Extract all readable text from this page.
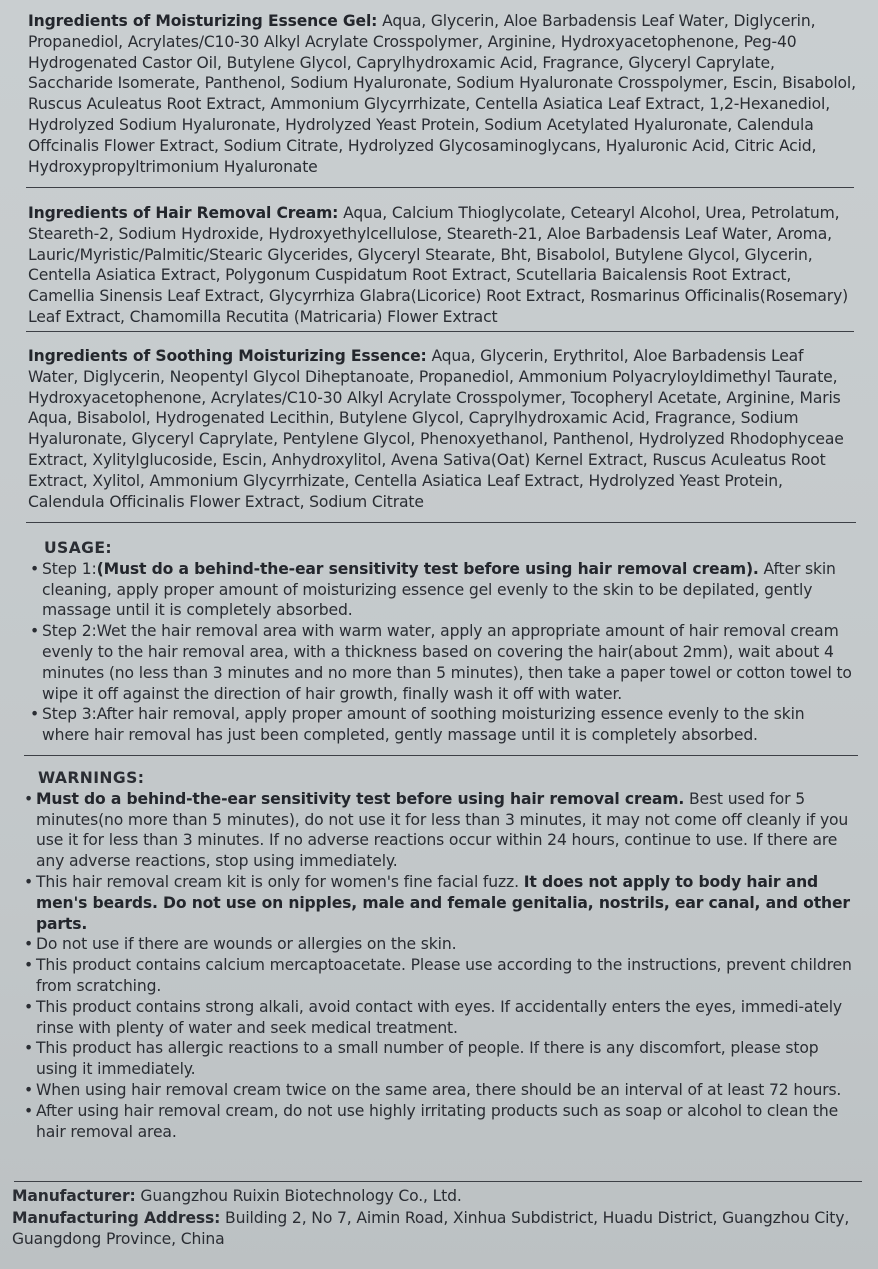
Ingredients of Moisturizing Essence Gel: Aqua, Glycerin, Aloe Barbadensis Leaf Water, Diglycerin, Propanediol, Acrylates/C10-30 Alkyl Acrylate Crosspolymer, Arginine, Hydroxyacetophenone, Peg-40 Hydrogenated Castor Oil, Butylene Glycol, Caprylhydroxamic Acid, Fragrance, Glyceryl Caprylate, Saccharide Isomerate, Panthenol, Sodium Hyaluronate, Sodium Hyaluronate Crosspolymer, Escin, Bisabolol, Ruscus Aculeatus Root Extract, Ammonium Glycyrrhizate, Centella Asiatica Leaf Extract, 1,2-Hexanediol, Hydrolyzed Sodium Hyaluronate, Hydrolyzed Yeast Protein, Sodium Acetylated Hyaluronate, Calendula Offcinalis Flower Extract, Sodium Citrate, Hydrolyzed Glycosaminoglycans, Hyaluronic Acid, Citric Acid, Hydroxypropyltrimonium Hyaluronate
Ingredients of Hair Removal Cream: Aqua, Calcium Thioglycolate, Cetearyl Alcohol, Urea, Petrolatum, Steareth-2, Sodium Hydroxide, Hydroxyethylcellulose, Steareth-21, Aloe Barbadensis Leaf Water, Aroma, Lauric/Myristic/Palmitic/Stearic Glycerides, Glyceryl Stearate, Bht, Bisabolol, Butylene Glycol, Glycerin, Centella Asiatica Extract, Polygonum Cuspidatum Root Extract, Scutellaria Baicalensis Root Extract, Camellia Sinensis Leaf Extract, Glycyrrhiza Glabra(Licorice) Root Extract, Rosmarinus Officinalis(Rosemary) Leaf Extract, Chamomilla Recutita (Matricaria) Flower Extract
Ingredients of Soothing Moisturizing Essence: Aqua, Glycerin, Erythritol, Aloe Barbadensis Leaf Water, Diglycerin, Neopentyl Glycol Diheptanoate, Propanediol, Ammonium Polyacryloyldimethyl Taurate, Hydroxyacetophenone, Acrylates/C10-30 Alkyl Acrylate Crosspolymer, Tocopheryl Acetate, Arginine, Maris Aqua, Bisabolol, Hydrogenated Lecithin, Butylene Glycol, Caprylhydroxamic Acid, Fragrance, Sodium Hyaluronate, Glyceryl Caprylate, Pentylene Glycol, Phenoxyethanol, Panthenol, Hydrolyzed Rhodophyceae Extract, Xylitylglucoside, Escin, Anhydroxylitol, Avena Sativa(Oat) Kernel Extract, Ruscus Aculeatus Root Extract, Xylitol, Ammonium Glycyrrhizate, Centella Asiatica Leaf Extract, Hydrolyzed Yeast Protein, Calendula Officinalis Flower Extract, Sodium Citrate
USAGE:
• Step 1:(Must do a behind-the-ear sensitivity test before using hair removal cream). After skin cleaning, apply proper amount of moisturizing essence gel evenly to the skin to be depilated, gently massage until it is completely absorbed.
• Step 2:Wet the hair removal area with warm water, apply an appropriate amount of hair removal cream evenly to the hair removal area, with a thickness based on covering the hair(about 2mm), wait about 4 minutes (no less than 3 minutes and no more than 5 minutes), then take a paper towel or cotton towel to wipe it off against the direction of hair growth, finally wash it off with water.
• Step 3:After hair removal, apply proper amount of soothing moisturizing essence evenly to the skin where hair removal has just been completed, gently massage until it is completely absorbed.
WARNINGS:
• Must do a behind-the-ear sensitivity test before using hair removal cream. Best used for 5 minutes(no more than 5 minutes), do not use it for less than 3 minutes, it may not come off cleanly if you use it for less than 3 minutes. If no adverse reactions occur within 24 hours, continue to use. If there are any adverse reactions, stop using immediately.
• This hair removal cream kit is only for women's fine facial fuzz. It does not apply to body hair and men's beards. Do not use on nipples, male and female genitalia, nostrils, ear canal, and other parts.
• Do not use if there are wounds or allergies on the skin.
• This product contains calcium mercaptoacetate. Please use according to the instructions, prevent children from scratching.
• This product contains strong alkali, avoid contact with eyes. If accidentally enters the eyes, immedi-ately rinse with plenty of water and seek medical treatment.
• This product has allergic reactions to a small number of people. If there is any discomfort, please stop using it immediately.
• When using hair removal cream twice on the same area, there should be an interval of at least 72 hours.
• After using hair removal cream, do not use highly irritating products such as soap or alcohol to clean the hair removal area.
Manufacturer: Guangzhou Ruixin Biotechnology Co., Ltd.
Manufacturing Address: Building 2, No 7, Aimin Road, Xinhua Subdistrict, Huadu District, Guangzhou City, Guangdong Province, China
